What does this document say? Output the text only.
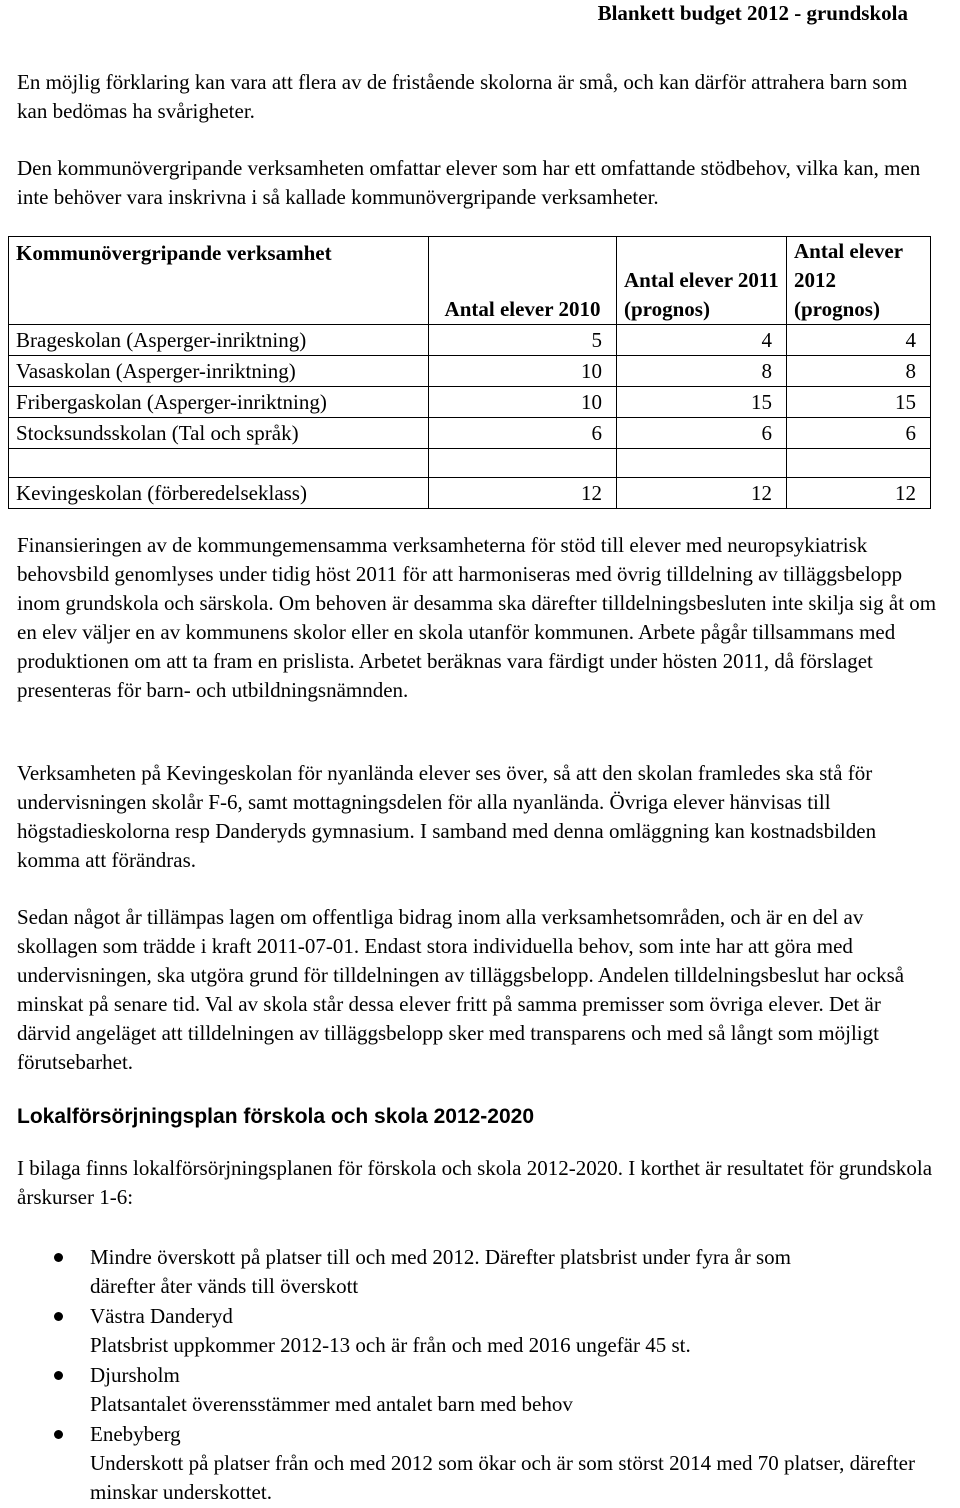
Blankett budget 2012 - grundskola

En möjlig förklaring kan vara att flera av de fristående skolorna är små, och kan därför attrahera barn som kan bedömas ha svårigheter.

Den kommunövergripande verksamheten omfattar elever som har ett omfattande stödbehov, vilka kan, men inte behöver vara inskrivna i så kallade kommunövergripande verksamheter.

Kommunövergripande verksamhet	Antal elever 2010	Antal elever 2011 (prognos)	Antal elever 2012 (prognos)
Brageskolan (Asperger-inriktning)	5	4	4
Vasaskolan (Asperger-inriktning)	10	8	8
Fribergaskolan (Asperger-inriktning)	10	15	15
Stocksundsskolan (Tal och språk)	6	6	6

Kevingeskolan (förberedelseklass)	12	12	12

Finansieringen av de kommungemensamma verksamheterna för stöd till elever med neuropsykiatrisk behovsbild genomlyses under tidig höst 2011 för att harmoniseras med övrig tilldelning av tilläggsbelopp inom grundskola och särskola. Om behoven är desamma ska därefter tilldelningsbesluten inte skilja sig åt om en elev väljer en av kommunens skolor eller en skola utanför kommunen. Arbete pågår tillsammans med produktionen om att ta fram en prislista. Arbetet beräknas vara färdigt under hösten 2011, då förslaget presenteras för barn- och utbildningsnämnden.

Verksamheten på Kevingeskolan för nyanlända elever ses över, så att den skolan framledes ska stå för undervisningen skolår F-6, samt mottagningsdelen för alla nyanlända. Övriga elever hänvisas till högstadieskolorna resp Danderyds gymnasium. I samband med denna omläggning kan kostnadsbilden komma att förändras.

Sedan något år tillämpas lagen om offentliga bidrag inom alla verksamhetsområden, och är en del av skollagen som trädde i kraft 2011-07-01. Endast stora individuella behov, som inte har att göra med undervisningen, ska utgöra grund för tilldelningen av tilläggsbelopp. Andelen tilldelningsbeslut har också minskat på senare tid. Val av skola står dessa elever fritt på samma premisser som övriga elever. Det är därvid angeläget att tilldelningen av tilläggsbelopp sker med transparens och med så långt som möjligt förutsebarhet.

Lokalförsörjningsplan förskola och skola 2012-2020

I bilaga finns lokalförsörjningsplanen för förskola och skola 2012-2020. I korthet är resultatet för grundskola årskurser 1-6:

Mindre överskott på platser till och med 2012. Därefter platsbrist under fyra år som
därefter åter vänds till överskott
Västra Danderyd
Platsbrist uppkommer 2012-13 och är från och med 2016 ungefär 45 st.
Djursholm
Platsantalet överensstämmer med antalet barn med behov
Enebyberg
Underskott på platser från och med 2012 som ökar och är som störst 2014 med 70 platser, därefter minskar underskottet.
